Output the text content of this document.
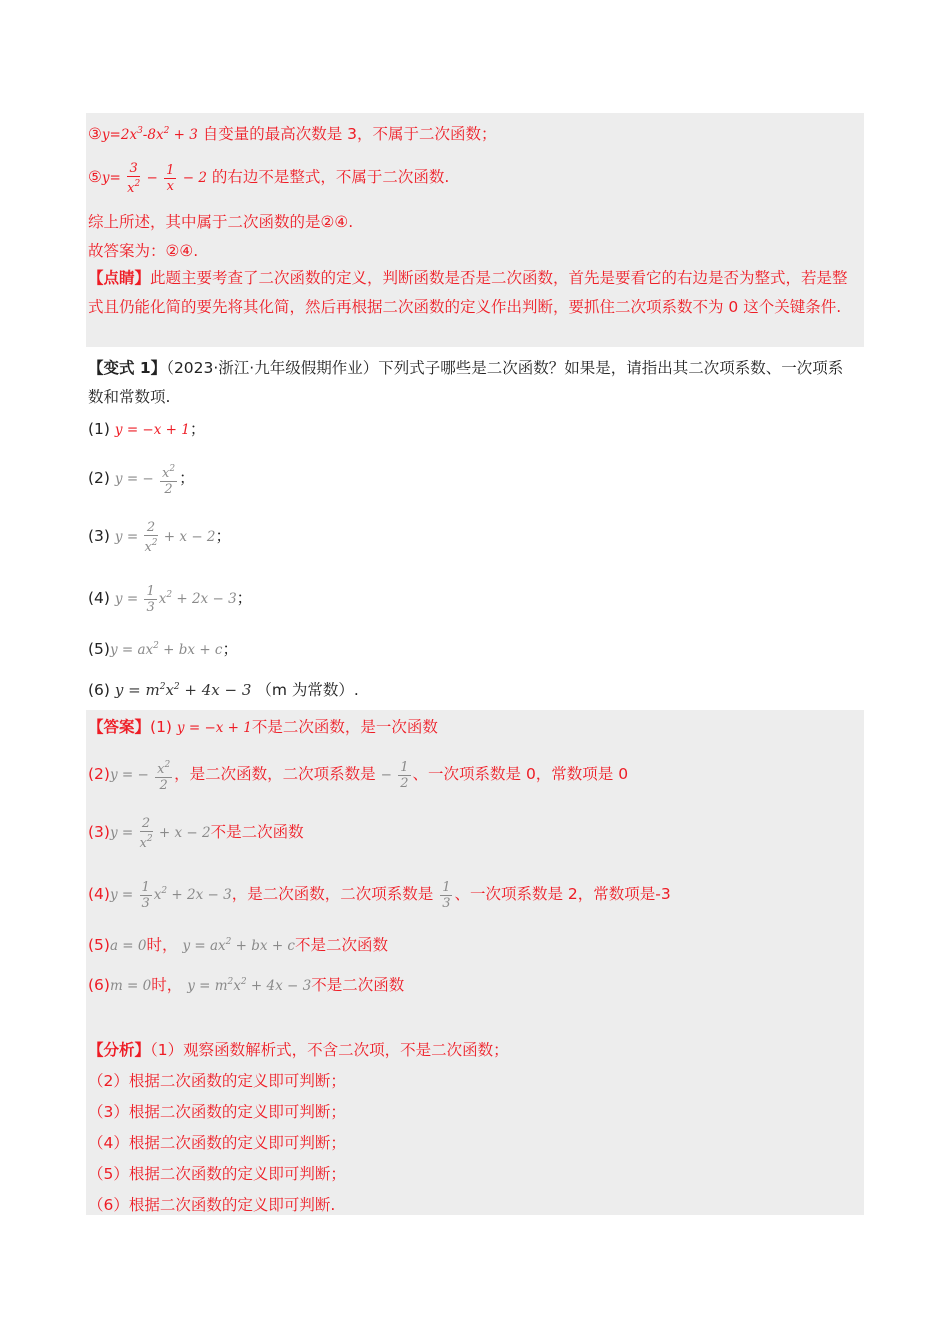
$③y=2x^3-8x^2 + 3$ 自变量的最高次数是 3，不属于二次函数；
⑤y= $\frac{3}{x^2} - \frac{1}{x} - 2$ 的右边不是整式，不属于二次函数.
综上所述，其中属于二次函数的是②④.
故答案为：②④.
【点睛】此题主要考查了二次函数的定义，判断函数是否是二次函数，首先是要看它的右边是否为整式，若是整式且仍能化简的要先将其化简，然后再根据二次函数的定义作出判断，要抓住二次项系数不为 0 这个关键条件.
【变式 1】（2023·浙江·九年级假期作业）下列式子哪些是二次函数？如果是，请指出其二次项系数、一次项系数和常数项.
(1) y = −x + 1；
(2) y = − $\frac{x^2}{2}$ ；
(3) $y = \frac{2}{x^2} + x - 2$；
(4) $y = \frac{1}{3} x^2 + 2x - 3$；
$(5)y = ax^2$ + bx + c；
(6) $y = m^2x^2 + 4x - 3$ （m 为常数）.
【答案】(1) y = −x + 1不是二次函数，是一次函数
(2)y = − $\frac{x^2}{2}$ ，是二次函数，二次项系数是 − $\frac{1}{2}$ 、一次项系数是 0，常数项是 0
$(3)y = \frac{2}{x^2} + x - 2$不是二次函数
$(4)y = \frac{1}{3} x^2 + 2x - 3$，是二次函数，二次项系数是 $\frac{1}{3}$ 、一次项系数是 2，常数项是-3
(5)a = 0时， $y = ax^2$ + bx + c不是二次函数
(6)m = 0时， $y = m^2x^2 + 4x - 3$不是二次函数
【分析】（1）观察函数解析式，不含二次项，不是二次函数；
（2）根据二次函数的定义即可判断；
（3）根据二次函数的定义即可判断；
（4）根据二次函数的定义即可判断；
（5）根据二次函数的定义即可判断；
（6）根据二次函数的定义即可判断.
